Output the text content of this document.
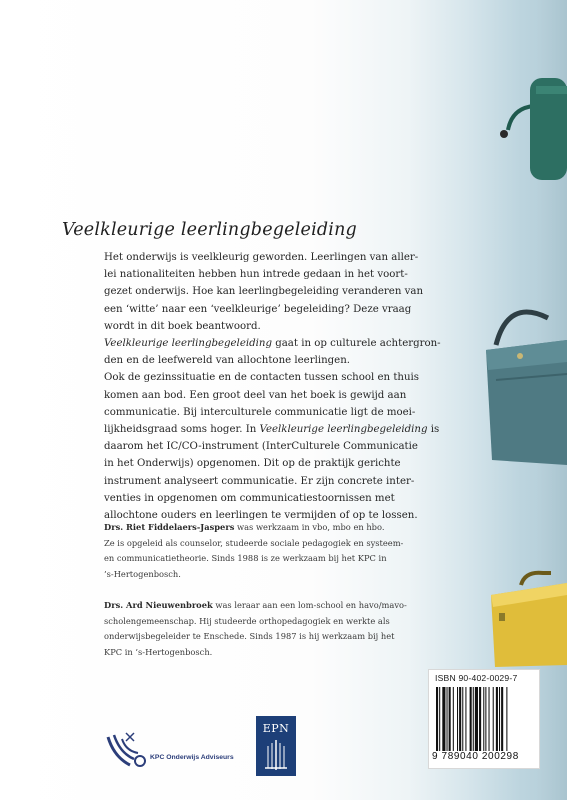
Veelkleurige leerlingbegeleiding

Het onderwijs is veelkleurig geworden. Leerlingen van aller-

lei nationaliteiten hebben hun intrede gedaan in het voort-

gezet onderwijs. Hoe kan leerlingbegeleiding veranderen van

een ‘witte’ naar een ‘veelkleurige’ begeleiding? Deze vraag

wordt in dit boek beantwoord.

Veelkleurige leerlingbegeleiding gaat in op culturele achtergron-

den en de leefwereld van allochtone leerlingen.

Ook de gezinssituatie en de contacten tussen school en thuis

komen aan bod. Een groot deel van het boek is gewijd aan

communicatie. Bij interculturele communicatie ligt de moei-

lijkheidsgraad soms hoger. In Veelkleurige leerlingbegeleiding is

daarom het IC/CO-instrument (InterCulturele Communicatie

in het Onderwijs) opgenomen. Dit op de praktijk gerichte

instrument analyseert communicatie. Er zijn concrete inter-

venties in opgenomen om communicatiestoornissen met

allochtone ouders en leerlingen te vermijden of op te lossen.

Drs. Riet Fiddelaers-Jaspers was werkzaam in vbo, mbo en hbo.

Ze is opgeleid als counselor, studeerde sociale pedagogiek en systeem-

en communicatietheorie. Sinds 1988 is ze werkzaam bij het KPC in

’s-Hertogenbosch.

Drs. Ard Nieuwenbroek was leraar aan een lom-school en havo/mavo-

scholengemeenschap. Hij studeerde orthopedagogiek en werkte als

onderwijsbegeleider te Enschede. Sinds 1987 is hij werkzaam bij het

KPC in ’s-Hertogenbosch.

KPC Onderwijs Adviseurs
EPN
ISBN 90-402-0029-7
9 789040 200298
